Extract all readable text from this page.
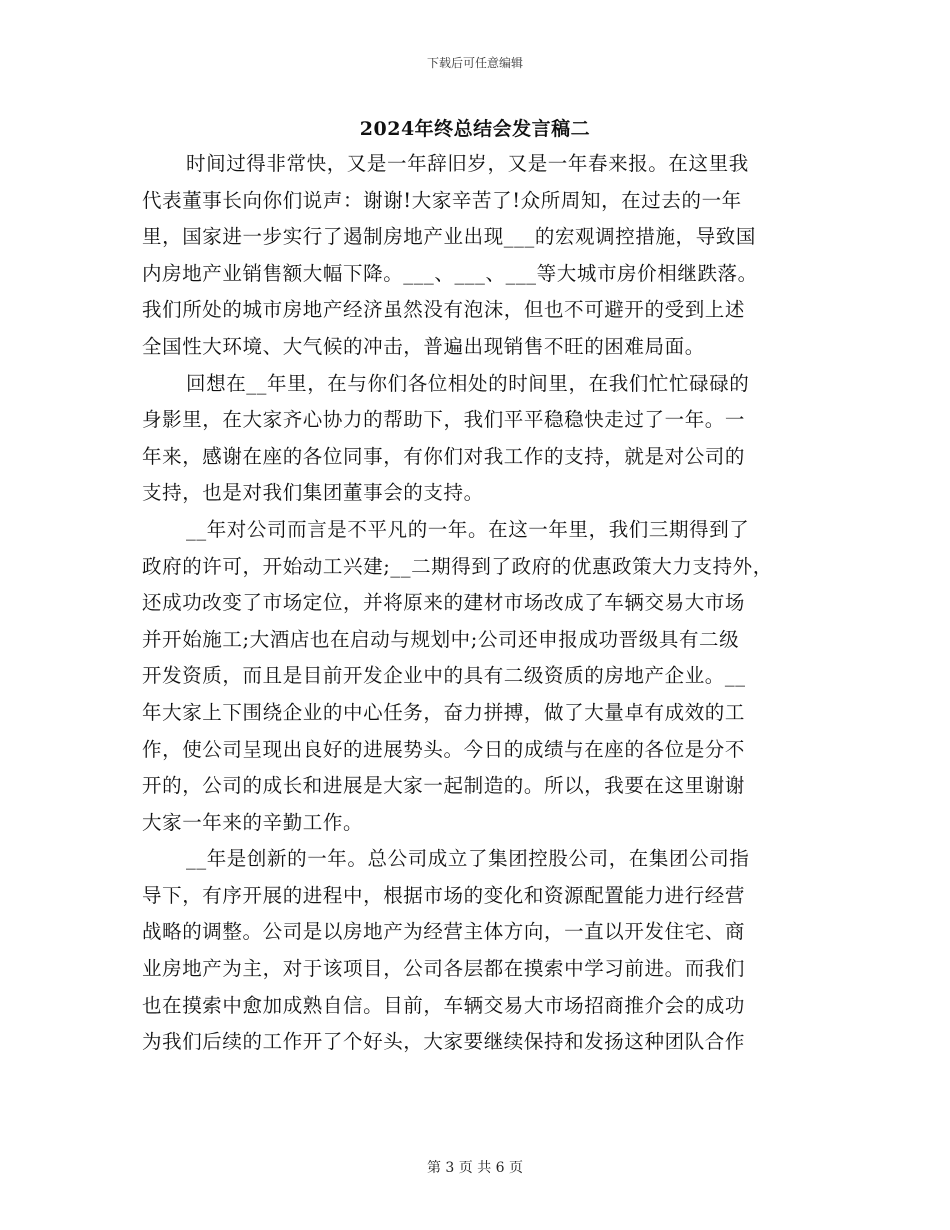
下载后可任意编辑
2024年终总结会发言稿二
时间过得非常快，又是一年辞旧岁，又是一年春来报。在这里我
代表董事长向你们说声：谢谢!大家辛苦了!众所周知，在过去的一年
里，国家进一步实行了遏制房地产业出现___的宏观调控措施，导致国
内房地产业销售额大幅下降。___、___、___等大城市房价相继跌落。
我们所处的城市房地产经济虽然没有泡沫，但也不可避开的受到上述
全国性大环境、大气候的冲击，普遍出现销售不旺的困难局面。
回想在__年里，在与你们各位相处的时间里，在我们忙忙碌碌的
身影里，在大家齐心协力的帮助下，我们平平稳稳快走过了一年。一
年来，感谢在座的各位同事，有你们对我工作的支持，就是对公司的
支持，也是对我们集团董事会的支持。
__年对公司而言是不平凡的一年。在这一年里，我们三期得到了
政府的许可，开始动工兴建;__二期得到了政府的优惠政策大力支持外，
还成功改变了市场定位，并将原来的建材市场改成了车辆交易大市场
并开始施工;大酒店也在启动与规划中;公司还申报成功晋级具有二级
开发资质，而且是目前开发企业中的具有二级资质的房地产企业。__
年大家上下围绕企业的中心任务，奋力拼搏，做了大量卓有成效的工
作，使公司呈现出良好的进展势头。今日的成绩与在座的各位是分不
开的，公司的成长和进展是大家一起制造的。所以，我要在这里谢谢
大家一年来的辛勤工作。
__年是创新的一年。总公司成立了集团控股公司，在集团公司指
导下，有序开展的进程中，根据市场的变化和资源配置能力进行经营
战略的调整。公司是以房地产为经营主体方向，一直以开发住宅、商
业房地产为主，对于该项目，公司各层都在摸索中学习前进。而我们
也在摸索中愈加成熟自信。目前，车辆交易大市场招商推介会的成功
为我们后续的工作开了个好头，大家要继续保持和发扬这种团队合作
第 3 页 共 6 页
